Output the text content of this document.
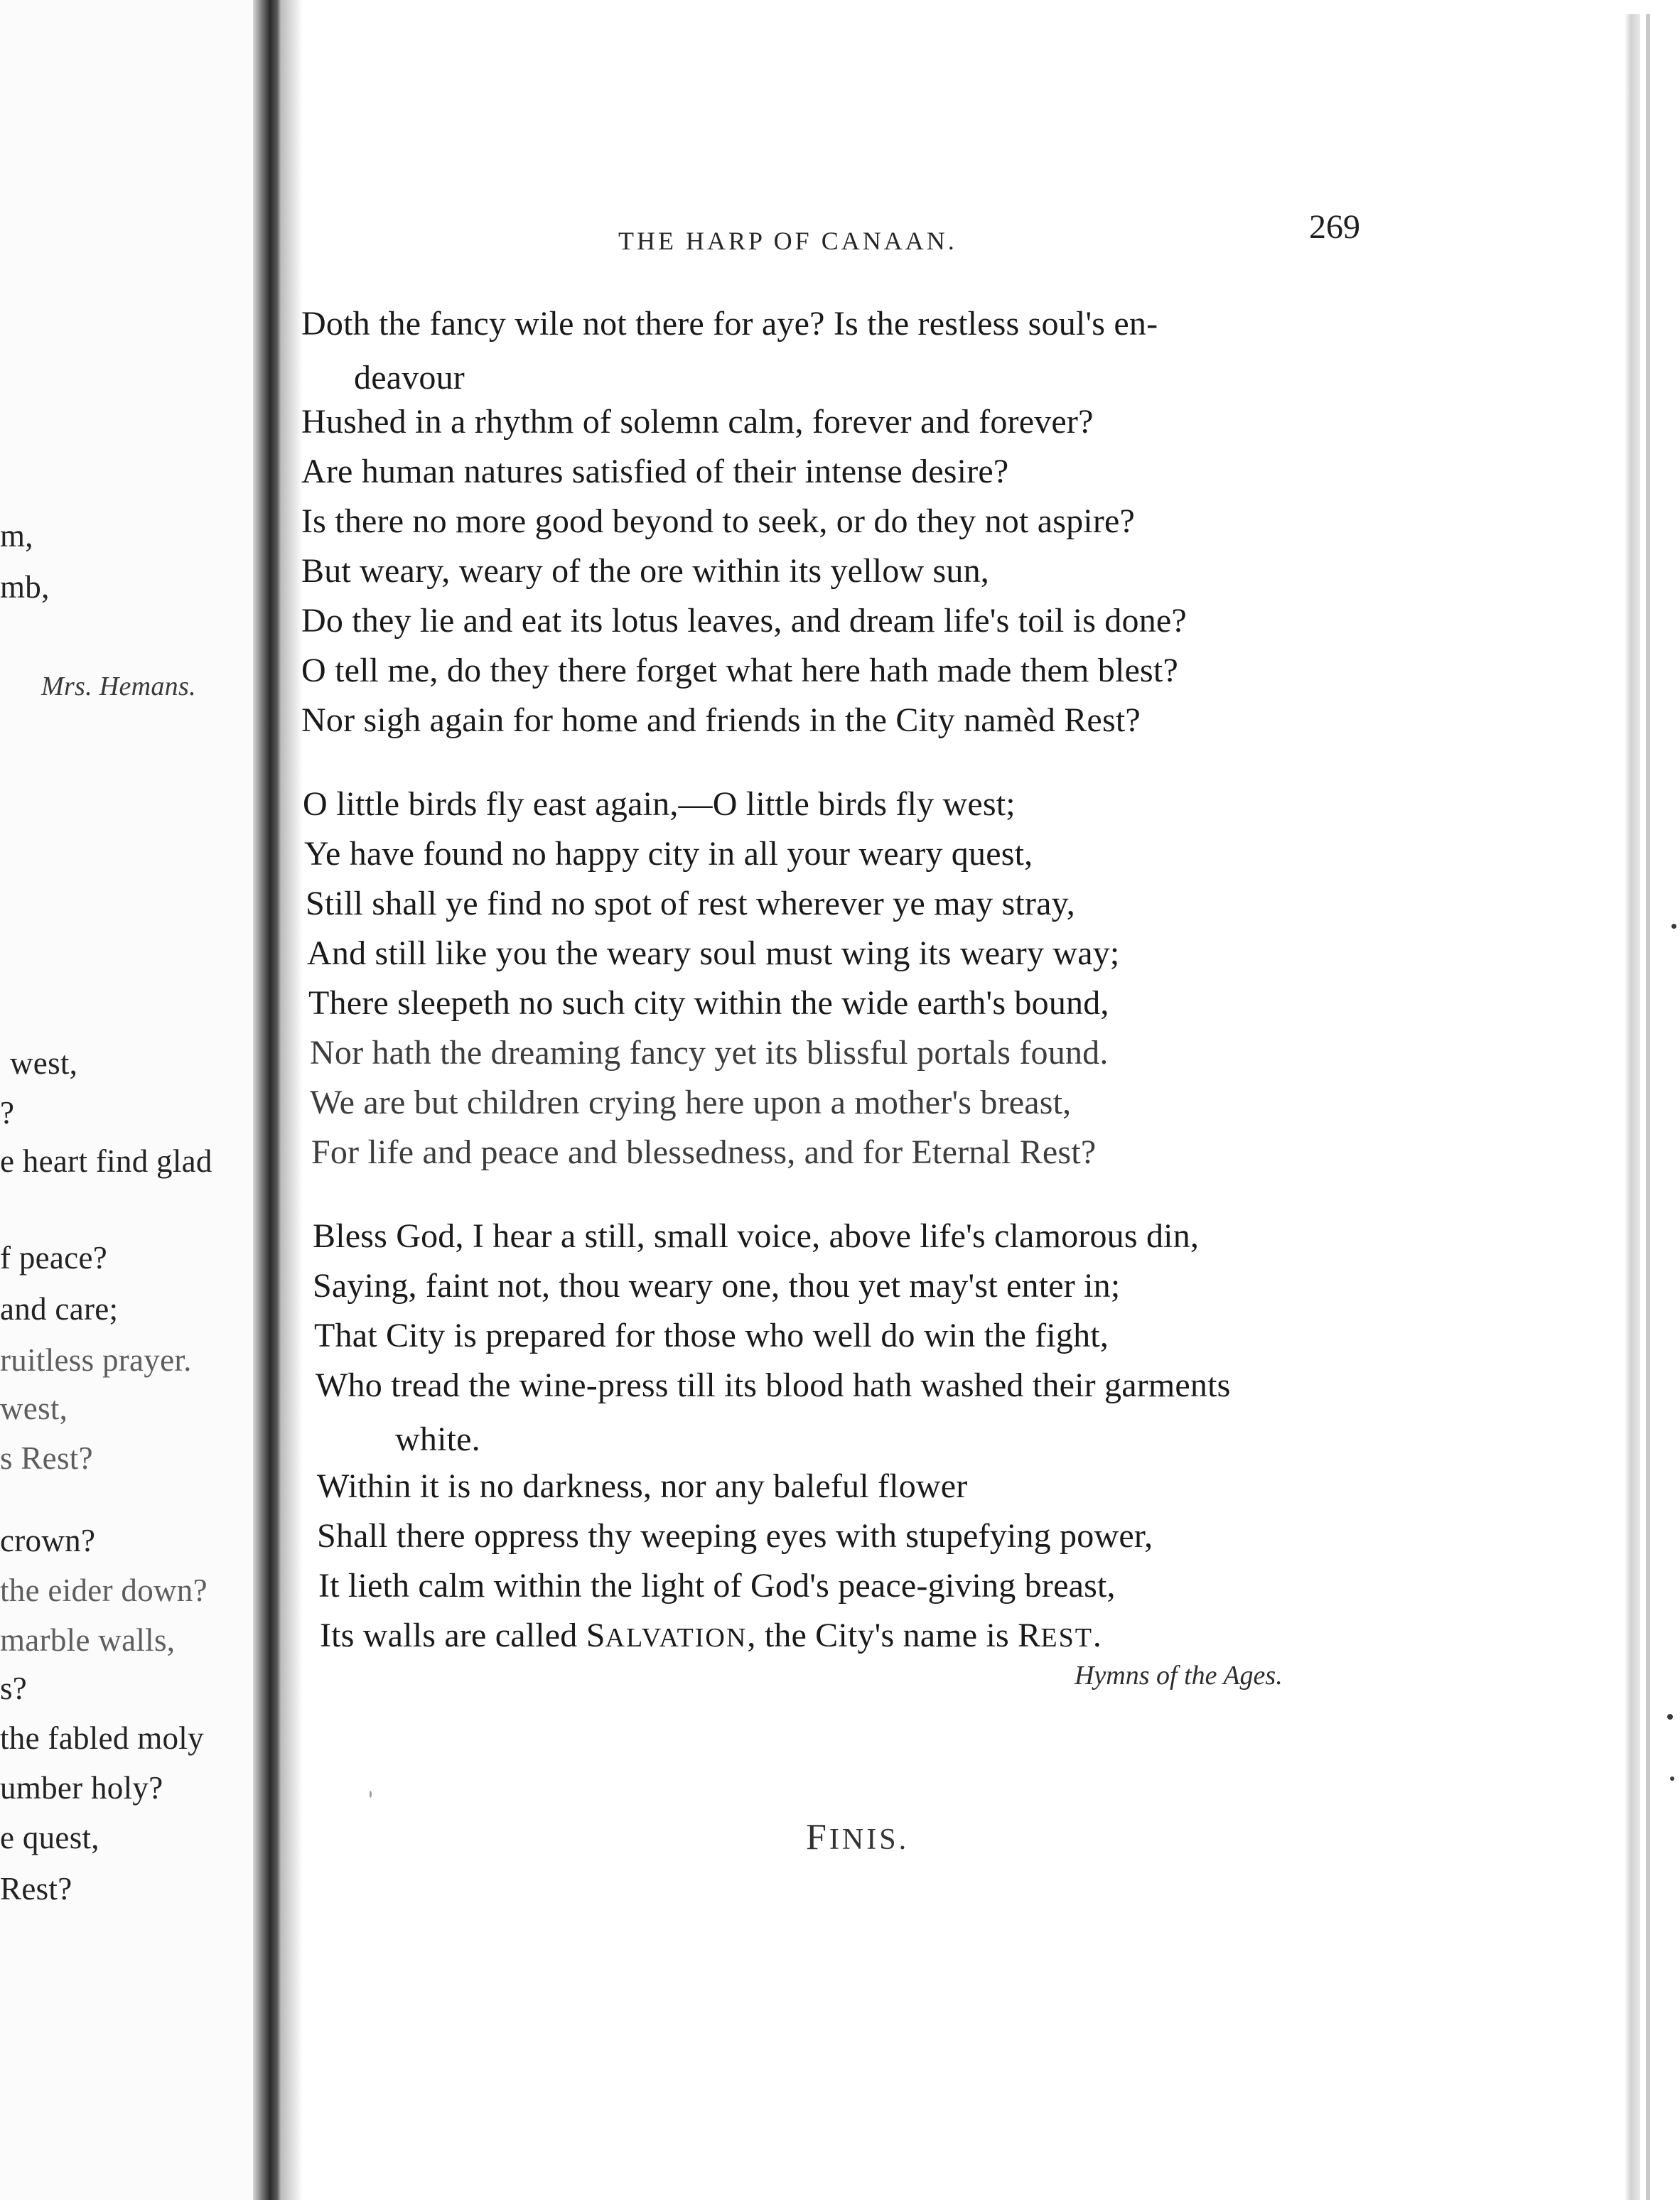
m,
mb,
Mrs. Hemans.
west,
?
e heart find glad
f peace?
and care;
ruitless prayer.
west,
s Rest?
crown?
the eider down?
marble walls,
s?
the fabled moly
umber holy?
e quest,
Rest?
THE HARP OF CANAAN.	269
Doth the fancy wile not there for aye? Is the restless soul's en-
deavour
Hushed in a rhythm of solemn calm, forever and forever?
Are human natures satisfied of their intense desire?
Is there no more good beyond to seek, or do they not aspire?
But weary, weary of the ore within its yellow sun,
Do they lie and eat its lotus leaves, and dream life's toil is done?
O tell me, do they there forget what here hath made them blest?
Nor sigh again for home and friends in the City namèd Rest?
O little birds fly east again,—O little birds fly west;
Ye have found no happy city in all your weary quest,
Still shall ye find no spot of rest wherever ye may stray,
And still like you the weary soul must wing its weary way;
There sleepeth no such city within the wide earth's bound,
Nor hath the dreaming fancy yet its blissful portals found.
We are but children crying here upon a mother's breast,
For life and peace and blessedness, and for Eternal Rest?
Bless God, I hear a still, small voice, above life's clamorous din,
Saying, faint not, thou weary one, thou yet may'st enter in;
That City is prepared for those who well do win the fight,
Who tread the wine-press till its blood hath washed their garments
white.
Within it is no darkness, nor any baleful flower
Shall there oppress thy weeping eyes with stupefying power,
It lieth calm within the light of God's peace-giving breast,
Its walls are called SALVATION, the City's name is REST.
Hymns of the Ages.
FINIS.
